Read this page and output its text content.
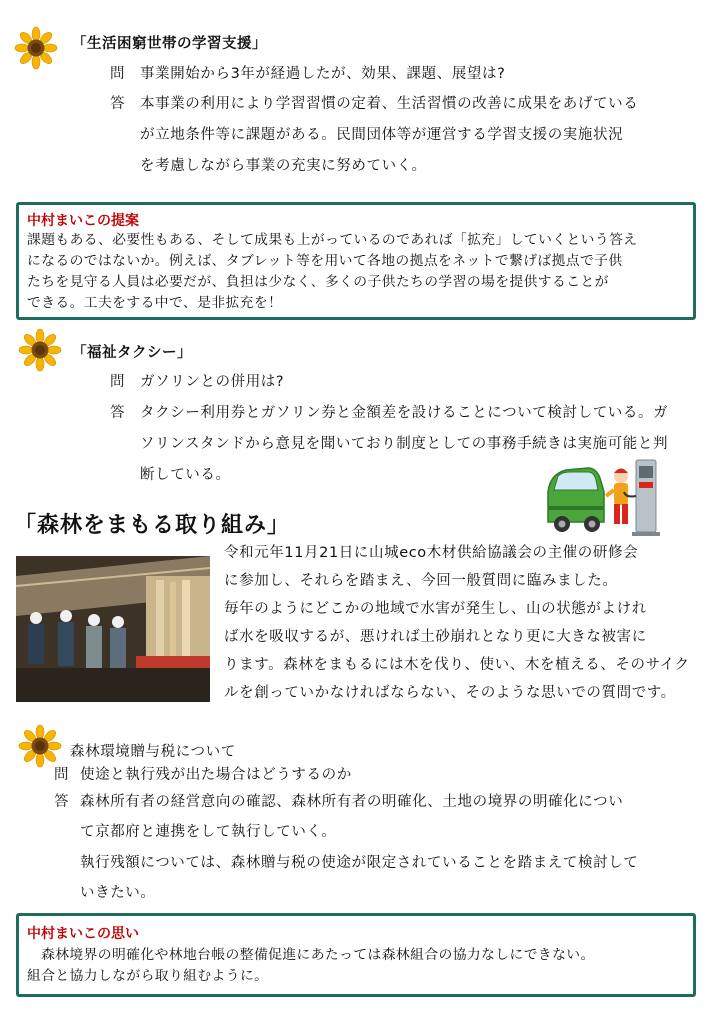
「生活困窮世帯の学習支援」
問 事業開始から3年が経過したが、効果、課題、展望は?
答 本事業の利用により学習習慣の定着、生活習慣の改善に成果をあげている
が立地条件等に課題がある。民間団体等が運営する学習支援の実施状況
を考慮しながら事業の充実に努めていく。
中村まいこの提案
課題もある、必要性もある、そして成果も上がっているのであれば「拡充」していくという答え
になるのではないか。例えば、タブレット等を用いて各地の拠点をネットで繋げば拠点で子供
たちを見守る人員は必要だが、負担は少なく、多くの子供たちの学習の場を提供することが
できる。工夫をする中で、是非拡充を！
「福祉タクシー」
問 ガソリンとの併用は?
答 タクシー利用券とガソリン券と金額差を設けることについて検討している。ガ
ソリンスタンドから意見を聞いており制度としての事務手続きは実施可能と判
断している。
「森林をまもる取り組み」
令和元年11月21日に山城eco木材供給協議会の主催の研修会
に参加し、それらを踏まえ、今回一般質問に臨みました。
毎年のようにどこかの地域で水害が発生し、山の状態がよけれ
ば水を吸収するが、悪ければ土砂崩れとなり更に大きな被害に
ります。森林をまもるには木を伐り、使い、木を植える、そのサイク
ルを創っていかなければならない、そのような思いでの質問です。
森林環境贈与税について
問 使途と執行残が出た場合はどうするのか
答 森林所有者の経営意向の確認、森林所有者の明確化、土地の境界の明確化につい
て京都府と連携をして執行していく。
執行残額については、森林贈与税の使途が限定されていることを踏まえて検討して
いきたい。
中村まいこの思い
森林境界の明確化や林地台帳の整備促進にあたっては森林組合の協力なしにできない。
組合と協力しながら取り組むように。
